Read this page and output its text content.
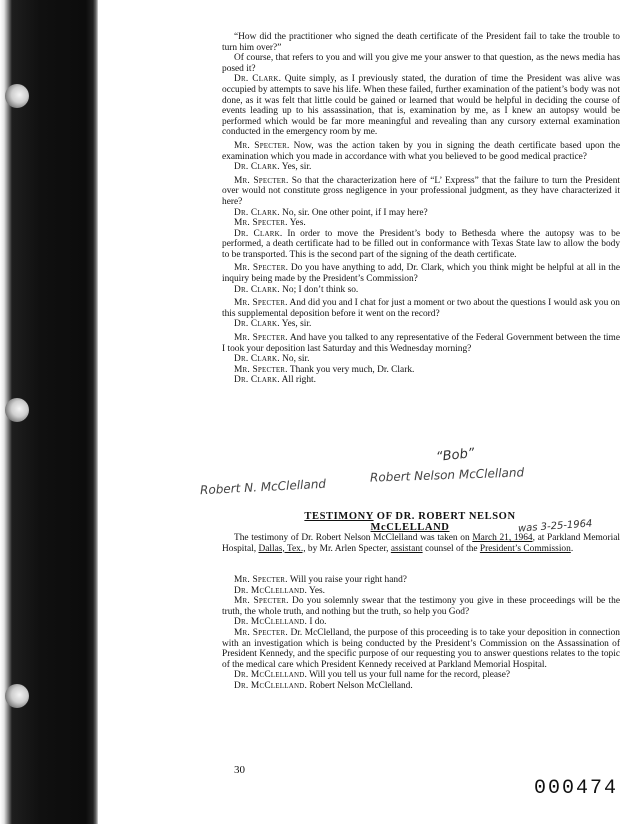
“How did the practitioner who signed the death certificate of the President fail to take the trouble to turn him over?”

Of course, that refers to you and will you give me your answer to that question, as the news media has posed it?

Dr. Clark. Quite simply, as I previously stated, the duration of time the President was alive was occupied by attempts to save his life. When these failed, further examination of the patient’s body was not done, as it was felt that little could be gained or learned that would be helpful in deciding the course of events leading up to his assassination, that is, examination by me, as I knew an autopsy would be performed which would be far more meaningful and revealing than any cursory external examination conducted in the emergency room by me.

Mr. Specter. Now, was the action taken by you in signing the death certificate based upon the examination which you made in accordance with what you believed to be good medical practice?

Dr. Clark. Yes, sir.

Mr. Specter. So that the characterization here of “L’ Express” that the failure to turn the President over would not constitute gross negligence in your professional judgment, as they have characterized it here?

Dr. Clark. No, sir. One other point, if I may here?

Mr. Specter. Yes.

Dr. Clark. In order to move the President’s body to Bethesda where the autopsy was to be performed, a death certificate had to be filled out in conformance with Texas State law to allow the body to be transported. This is the second part of the signing of the death certificate.

Mr. Specter. Do you have anything to add, Dr. Clark, which you think might be helpful at all in the inquiry being made by the President’s Commission?

Dr. Clark. No; I don’t think so.

Mr. Specter. And did you and I chat for just a moment or two about the questions I would ask you on this supplemental deposition before it went on the record?

Dr. Clark. Yes, sir.

Mr. Specter. And have you talked to any representative of the Federal Government between the time I took your deposition last Saturday and this Wednesday morning?

Dr. Clark. No, sir.

Mr. Specter. Thank you very much, Dr. Clark.

Dr. Clark. All right.

“Bob”
Robert N. McClelland
Robert Nelson McClelland
was 3-25-1964
TESTIMONY OF DR. ROBERT NELSON McCLELLAND

The testimony of Dr. Robert Nelson McClelland was taken on March 21, 1964, at Parkland Memorial Hospital, Dallas, Tex., by Mr. Arlen Specter, assistant counsel of the President’s Commission.

Mr. Specter. Will you raise your right hand?

Dr. McClelland. Yes.

Mr. Specter. Do you solemnly swear that the testimony you give in these proceedings will be the truth, the whole truth, and nothing but the truth, so help you God?

Dr. McClelland. I do.

Mr. Specter. Dr. McClelland, the purpose of this proceeding is to take your deposition in connection with an investigation which is being conducted by the President’s Commission on the Assassination of President Kennedy, and the specific purpose of our requesting you to answer questions relates to the topic of the medical care which President Kennedy received at Parkland Memorial Hospital.

Dr. McClelland. Will you tell us your full name for the record, please?

Dr. McClelland. Robert Nelson McClelland.

30
000474
